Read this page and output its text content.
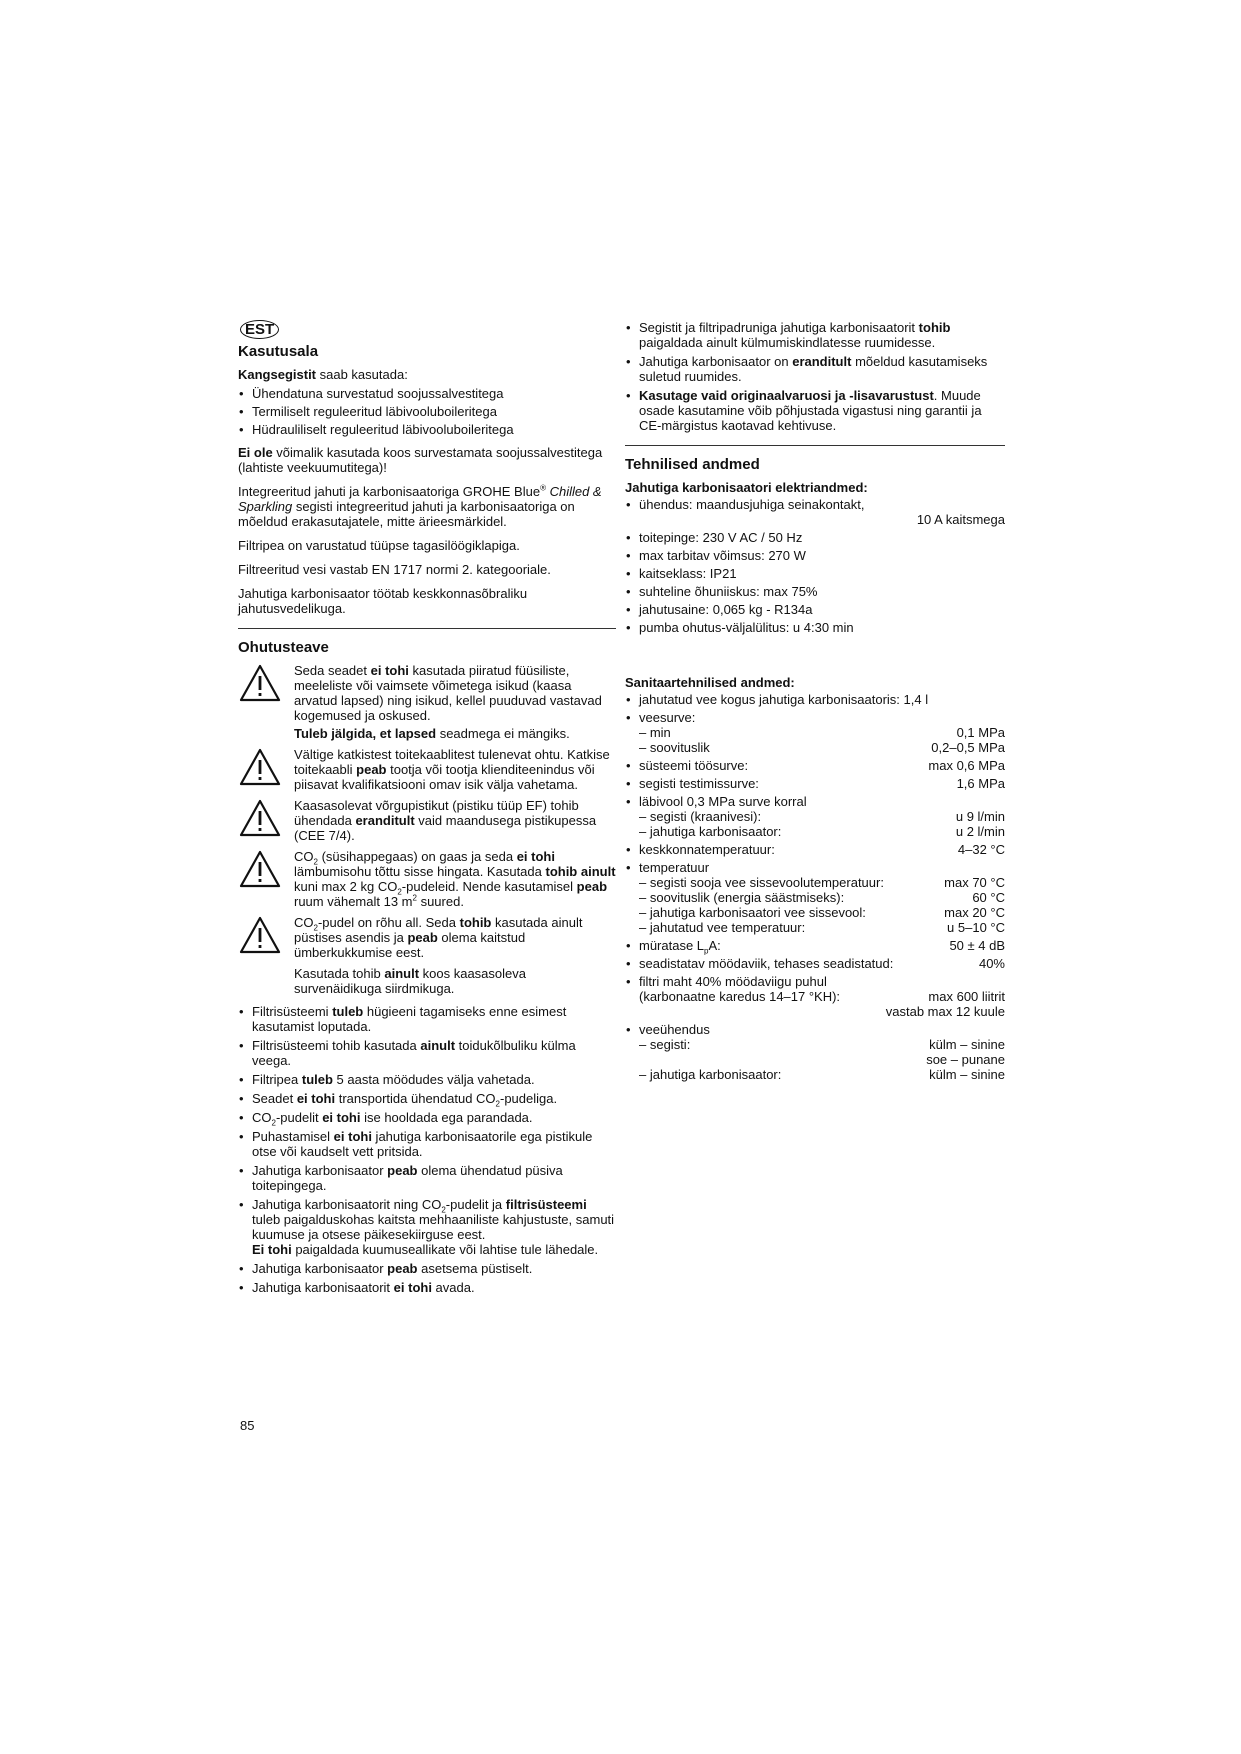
EST
Kasutusala

Kangsegistit saab kasutada:

• Ühendatuna survestatud soojussalvestitega
• Termiliselt reguleeritud läbivooluboileritega
• Hüdrauliliselt reguleeritud läbivooluboileritega

Ei ole võimalik kasutada koos survestamata soojussalvestitega (lahtiste veekuumutitega)!

Integreeritud jahuti ja karbonisaatoriga GROHE Blue® Chilled & Sparkling segisti integreeritud jahuti ja karbonisaatoriga on mõeldud erakasutajatele, mitte ärieesmärkidel.

Filtripea on varustatud tüüpse tagasilöögiklapiga.

Filtreeritud vesi vastab EN 1717 normi 2. kategooriale.

Jahutiga karbonisaator töötab keskkonnasõbraliku jahutusvedelikuga.

Ohutusteave
Seda seadet ei tohi kasutada piiratud füüsiliste, meeleliste või vaimsete võimetega isikud (kaasa arvatud lapsed) ning isikud, kellel puuduvad vastavad kogemused ja oskused.
Tuleb jälgida, et lapsed seadmega ei mängiks.
Vältige katkistest toitekaablitest tulenevat ohtu. Katkise toitekaabli peab tootja või tootja klienditeenindus või piisavat kvalifikatsiooni omav isik välja vahetama.
Kaasasolevat võrgupistikut (pistiku tüüp EF) tohib ühendada eranditult vaid maandusega pistikupessa (CEE 7/4).
$CO_2$ (süsihappegaas) on gaas ja seda ei tohi lämbumisohu tõttu sisse hingata. Kasutada tohib ainult kuni max 2 kg $CO_2$-pudeleid. Nende kasutamisel peab ruum vähemalt 13 $m^2$ suured.
$CO_2$-pudel on rõhu all. Seda tohib kasutada ainult püstises asendis ja peab olema kaitstud ümberkukkumise eest.
Kasutada tohib ainult koos kaasasoleva survenäidikuga siirdmikuga.
• Filtrisüsteemi tuleb hügieeni tagamiseks enne esimest kasutamist loputada.
• Filtrisüsteemi tohib kasutada ainult toidukõlbuliku külma veega.
• Filtripea tuleb 5 aasta möödudes välja vahetada.
• Seadet ei tohi transportida ühendatud $CO_2$-pudeliga.
• $CO_2$-pudelit ei tohi ise hooldada ega parandada.
• Puhastamisel ei tohi jahutiga karbonisaatorile ega pistikule otse või kaudselt vett pritsida.
• Jahutiga karbonisaator peab olema ühendatud püsiva toitepingega.
• Jahutiga karbonisaatorit ning $CO_2$-pudelit ja filtrisüsteemi tuleb paigalduskohas kaitsta mehhaaniliste kahjustuste, samuti kuumuse ja otsese päikesekiirguse eest.
Ei tohi paigaldada kuumuseallikate või lahtise tule lähedale.
• Jahutiga karbonisaator peab asetsema püstiselt.
• Jahutiga karbonisaatorit ei tohi avada.
• Segistit ja filtripadruniga jahutiga karbonisaatorit tohib paigaldada ainult külmumiskindlatesse ruumidesse.
• Jahutiga karbonisaator on eranditult mõeldud kasutamiseks suletud ruumides.
• Kasutage vaid originaalvaruosi ja -lisavarustust. Muude osade kasutamine võib põhjustada vigastusi ning garantii ja CE-märgistus kaotavad kehtivuse.
Tehnilised andmed
Jahutiga karbonisaatori elektriandmed:
• ühendus: maandusjuhiga seinakontakt,
10 A kaitsmega
• toitepinge: 230 V AC / 50 Hz
• max tarbitav võimsus: 270 W
• kaitseklass: IP21
• suhteline õhuniiskus: max 75%
• jahutusaine: 0,065 kg - R134a
• pumba ohutus-väljalülitus: u 4:30 min
Sanitaartehnilised andmed:
• jahutatud vee kogus jahutiga karbonisaatoris: 1,4 l
• veesurve:
– min	0,1 MPa
– soovituslik	0,2–0,5 MPa
• süsteemi töösurve:	max 0,6 MPa
• segisti testimissurve:	1,6 MPa
• läbivool 0,3 MPa surve korral
– segisti (kraanivesi):	u 9 l/min
– jahutiga karbonisaator:	u 2 l/min
• keskkonnatemperatuur:	4–32 °C
• temperatuur
– segisti sooja vee sissevoolutemperatuur:	max 70 °C
– soovituslik (energia säästmiseks):	60 °C
– jahutiga karbonisaatori vee sissevool:	max 20 °C
– jahutatud vee temperatuur:	u 5–10 °C
• müratase $L_pA$:	50 ± 4 dB
• seadistatav möödaviik, tehases seadistatud:	40%
• filtri maht 40% möödaviigu puhul
(karbonaatne karedus 14–17 °KH):	max 600 liitrit
vastab max 12 kuule
• veeühendus
– segisti:	külm – sinine
soe – punane
– jahutiga karbonisaator:	külm – sinine
85
